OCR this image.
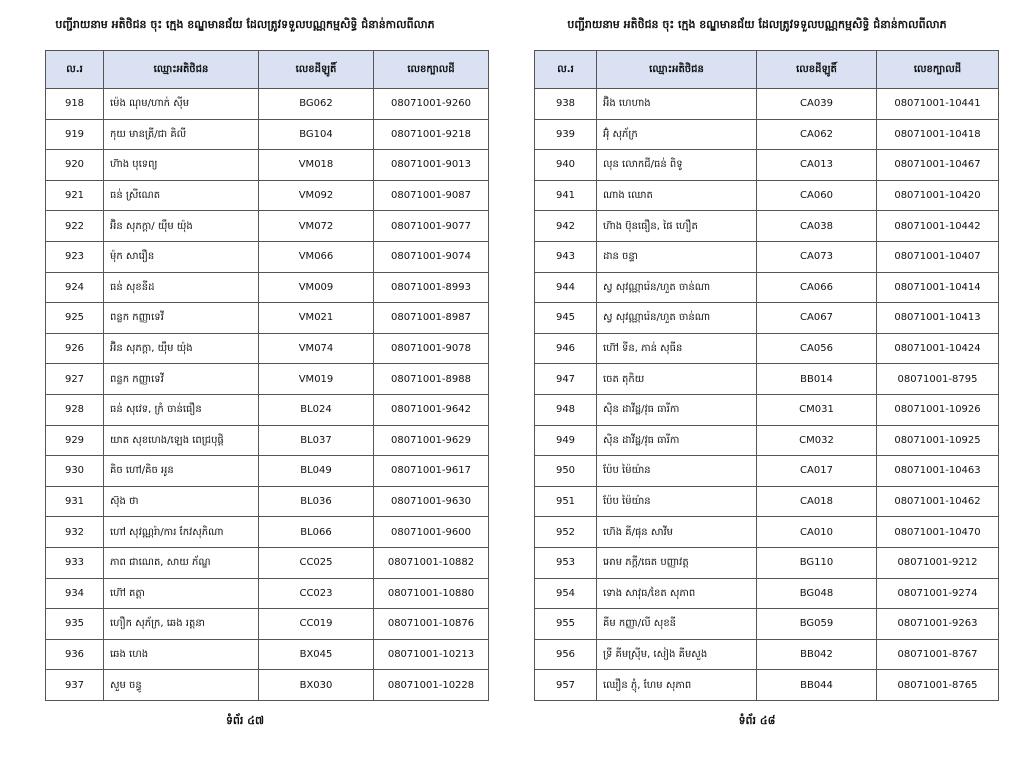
បញ្ជីរាយនាម អតិថិជន ចុះ ក្មេង ខណ្ឌមានជ័យ ដែលត្រូវទទួលបណ្ណកម្មសិទ្ធិ ជំនាន់កាលពីលាភ
ល.រ	ឈ្មោះអតិថិជន	លេខដីឡូតិ៍	លេខក្បាលដី
918	ម៉េង ណុម/ហាក់ ស៊ីម	BG062	08071001-9260
919	កុយ មានត្រី/ជា គិលី	BG104	08071001-9218
920	ហ៊ាង បុទេព្យ	VM018	08071001-9013
921	ធន់ ស្រីណេត	VM092	08071001-9087
922	អ៊ិន សុភក្តា/ យ៉ឹម យ៉ុង	VM072	08071001-9077
923	ម៉ុក សារឿន	VM066	08071001-9074
924	ធន់ សុខនីដ	VM009	08071001-8993
925	ពន្លក កញ្ញាទេវី	VM021	08071001-8987
926	អ៊ិន សុភក្តា, យ៉ឹម យ៉ុង	VM074	08071001-9078
927	ពន្លក កញ្ញាទេវី	VM019	08071001-8988
928	ធន់ សុវេទ, ក្រំ ចាន់ធឿន	BL024	08071001-9642
929	យាត សុខហេង/ឡេង ពេជ្របុផ្តិ	BL037	08071001-9629
930	គិច ហៅ/គិច អូន	BL049	08071001-9617
931	ស៊ុង ថា	BL036	08071001-9630
932	ហៅ សុវណ្ណរ៉ា/ការ កែវសុភិណា	BL066	08071001-9600
933	ភាព ជាណេត, សាយ ភ័ណ្ឌ	CC025	08071001-10882
934	ហ៊ៅ តត្តា	CC023	08071001-10880
935	ហឿក សុភ័ក្រ, ឆេង រត្តនា	CC019	08071001-10876
936	ឆេង ហេង	BX045	08071001-10213
937	សួម ចន្ធូ	BX030	08071001-10228
ទំព័រ ៤៧
បញ្ជីរាយនាម អតិថិជន ចុះ ក្មេង ខណ្ឌមានជ័យ ដែលត្រូវទទួលបណ្ណកម្មសិទ្ធិ ជំនាន់កាលពីលាភ
ល.រ	ឈ្មោះអតិថិជន	លេខដីឡូតិ៍	លេខក្បាលដី
938	អ៊ិង ហេហាង	CA039	08071001-10441
939	អ៊ុំ សុភ័ក្រ	CA062	08071001-10418
940	លុន លោកជី/ធន់ ពិទូ	CA013	08071001-10467
941	ណាង ឈោត	CA060	08071001-10420
942	ហ៊ាង ប៊ុនធឿន, ផៃ ហឿត	CA038	08071001-10442
943	ដាន ចន្ទា	CA073	08071001-10407
944	ស្វ សុវណ្ណារ៉េន/ហួត ចាន់ណា	CA066	08071001-10414
945	ស្វ សុវណ្ណារ៉េន/ហួត ចាន់ណា	CA067	08071001-10413
946	ហ៊ៅ ទីន, ភាន់ សុធីន	CA056	08071001-10424
947	ចេត តុកិយ	BB014	08071001-8795
948	ស៊ិន ដាវីដ្ឋ/វុធ ធារីកា	CM031	08071001-10926
949	ស៊ិន ដាវីដ្ឋ/វុធ ធារីកា	CM032	08071001-10925
950	ប៉ែប ម៉ៃយ៉ាន	CA017	08071001-10463
951	ប៉ែប ម៉ៃយ៉ាន	CA018	08071001-10462
952	ហ៊េង គី/ផុន សាវីម	CA010	08071001-10470
953	អោម ភក្តី/ធេត បញ្ញាវត្ត	BG110	08071001-9212
954	ទោង សាវុធ/ខៃត សុភាព	BG048	08071001-9274
955	គីម កញ្ញា/លី សុខនី	BG059	08071001-9263
956	ទ្រី គីមស្រ៊ីម, សៀង គីមសួង	BB042	08071001-8767
957	ឈឿន ភ្ញុំ, ហែម សុភាព	BB044	08071001-8765
ទំព័រ ៤៨
